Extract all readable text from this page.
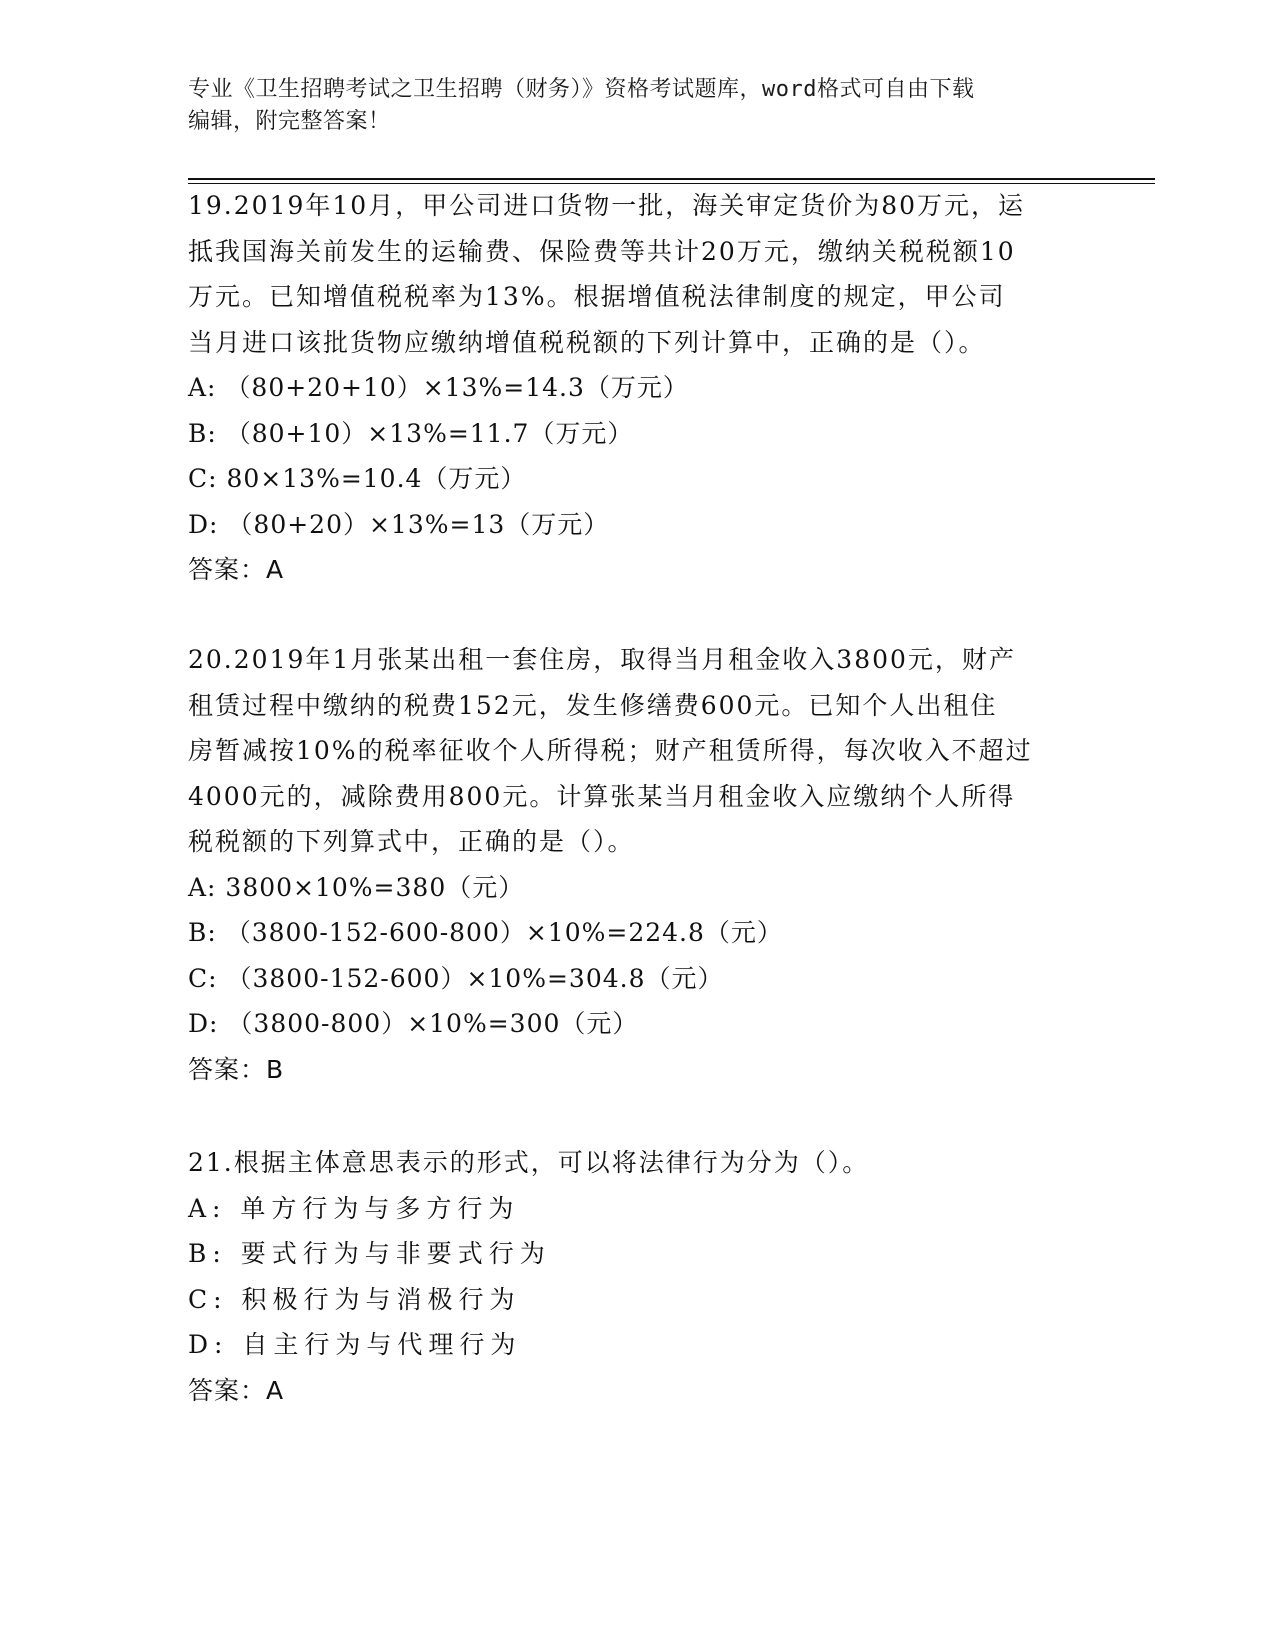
专业《卫生招聘考试之卫生招聘（财务）》资格考试题库，word格式可自由下载
编辑，附完整答案！
19.2019年10月，甲公司进口货物一批，海关审定货价为80万元，运
抵我国海关前发生的运输费、保险费等共计20万元，缴纳关税税额10
万元。已知增值税税率为13%。根据增值税法律制度的规定，甲公司
当月进口该批货物应缴纳增值税税额的下列计算中，正确的是（）。
A: （80+20+10）×13%=14.3（万元）
B: （80+10）×13%=11.7（万元）
C: 80×13%=10.4（万元）
D: （80+20）×13%=13（万元）
答案：A
20.2019年1月张某出租一套住房，取得当月租金收入3800元，财产
租赁过程中缴纳的税费152元，发生修缮费600元。已知个人出租住
房暂减按10%的税率征收个人所得税；财产租赁所得，每次收入不超过
4000元的，减除费用800元。计算张某当月租金收入应缴纳个人所得
税税额的下列算式中，正确的是（）。
A: 3800×10%=380（元）
B: （3800-152-600-800）×10%=224.8（元）
C: （3800-152-600）×10%=304.8（元）
D: （3800-800）×10%=300（元）
答案：B
21.根据主体意思表示的形式，可以将法律行为分为（）。
A: 单方行为与多方行为
B: 要式行为与非要式行为
C: 积极行为与消极行为
D: 自主行为与代理行为
答案：A
